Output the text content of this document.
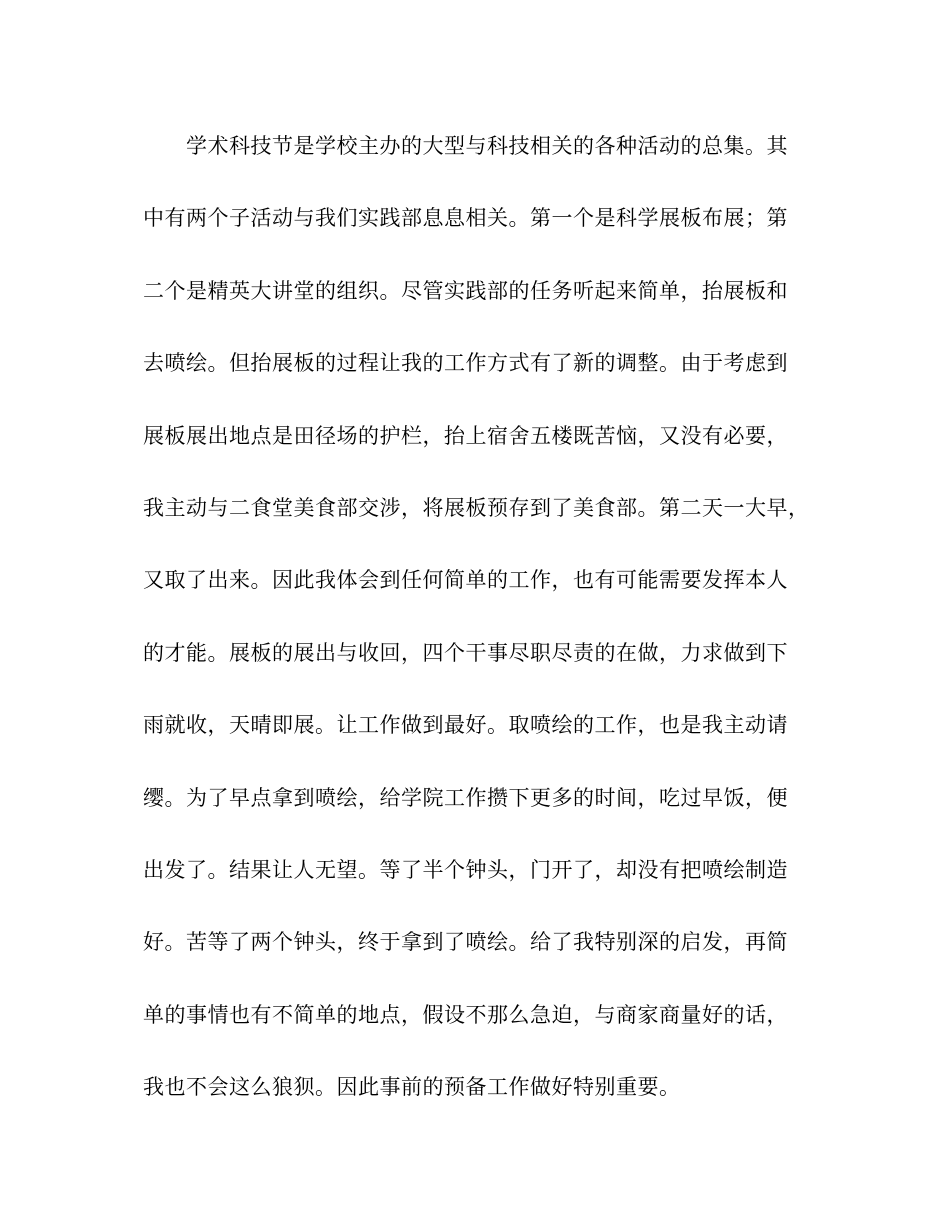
学术科技节是学校主办的大型与科技相关的各种活动的总集。其
中有两个子活动与我们实践部息息相关。第一个是科学展板布展；第
二个是精英大讲堂的组织。尽管实践部的任务听起来简单，抬展板和
去喷绘。但抬展板的过程让我的工作方式有了新的调整。由于考虑到
展板展出地点是田径场的护栏，抬上宿舍五楼既苦恼，又没有必要，
我主动与二食堂美食部交涉，将展板预存到了美食部。第二天一大早，
又取了出来。因此我体会到任何简单的工作，也有可能需要发挥本人
的才能。展板的展出与收回，四个干事尽职尽责的在做，力求做到下
雨就收，天晴即展。让工作做到最好。取喷绘的工作，也是我主动请
缨。为了早点拿到喷绘，给学院工作攒下更多的时间，吃过早饭，便
出发了。结果让人无望。等了半个钟头，门开了，却没有把喷绘制造
好。苦等了两个钟头，终于拿到了喷绘。给了我特别深的启发，再简
单的事情也有不简单的地点，假设不那么急迫，与商家商量好的话，
我也不会这么狼狈。因此事前的预备工作做好特别重要。
